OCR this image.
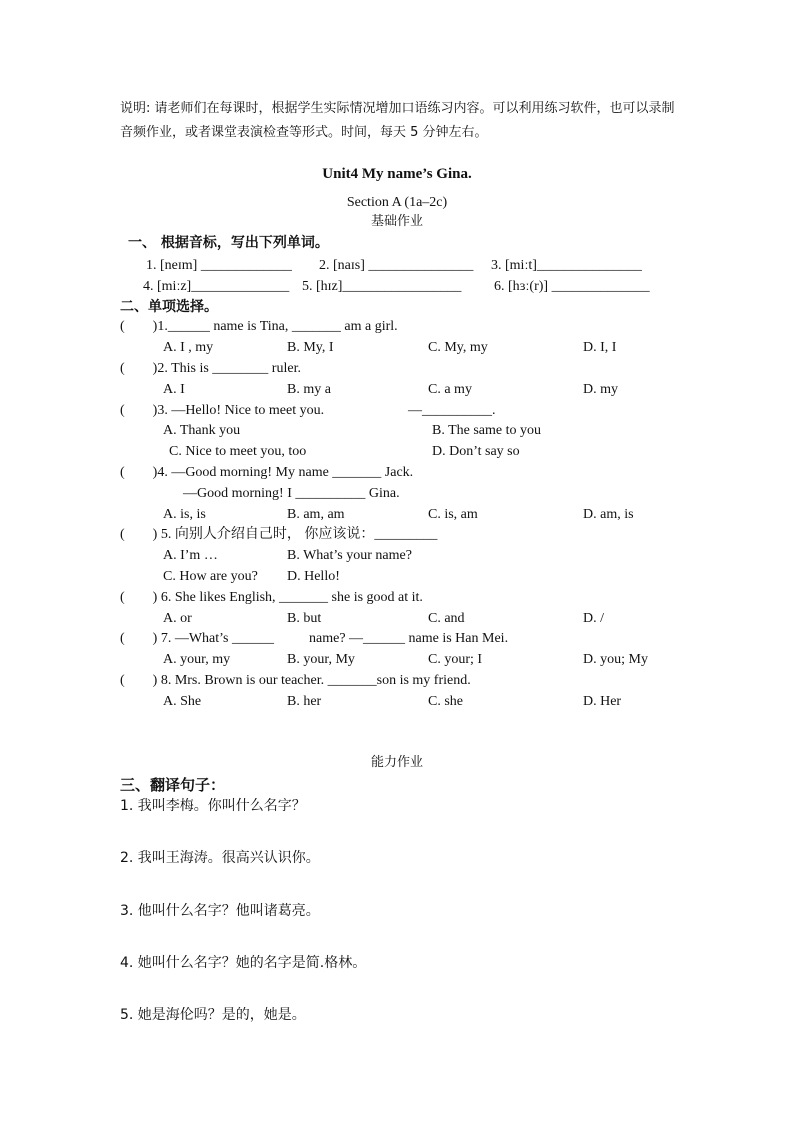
说明: 请老师们在每课时，根据学生实际情况增加口语练习内容。可以利用练习软件，也可以录制音频作业，或者课堂表演检查等形式。时间，每天 5 分钟左右。
Unit4 My name’s Gina.
Section A (1a–2c)
基础作业
一、 根据音标，写出下列单词。
1. [neɪm] _____________ 2. [naɪs] _______________ 3. [miːt]_______________
4. [miːz]______________ 5. [hɪz]_________________ 6. [hɜː(r)] ______________
二、单项选择。
(　　)1.______ name is Tina, _______ am a girl.
A. I , my	B. My, I	C. My, my	D. I, I
(　　)2. This is ________ ruler.
A. I	B. my a	C. a my	D. my
(　　)3. —Hello! Nice to meet you.	—__________.
A. Thank you	B. The same to you
C. Nice to meet you, too	D. Don’t say so
(　　)4. —Good morning! My name _______ Jack.
—Good morning! I __________ Gina.
A. is, is	B. am, am	C. is, am	D. am, is
(　　) 5. 向别人介绍自己时， 你应该说：_________
A. I’m …	B. What’s your name?
C. How are you? D. Hello!
(　　) 6. She likes English, _______ she is good at it.
A. or	B. but	C. and	D. /
(　　) 7. —What’s ______	name? —______ name is Han Mei.
A. your, my	B. your, My	C. your; I	D. you; My
(　　) 8. Mrs. Brown is our teacher. _______son is my friend.
A. She	B. her	C. she	D. Her
能力作业
三、翻译句子：
1. 我叫李梅。你叫什么名字？
2. 我叫王海涛。很高兴认识你。
3. 他叫什么名字？他叫诸葛亮。
4. 她叫什么名字？她的名字是简.格林。
5. 她是海伦吗？是的，她是。
